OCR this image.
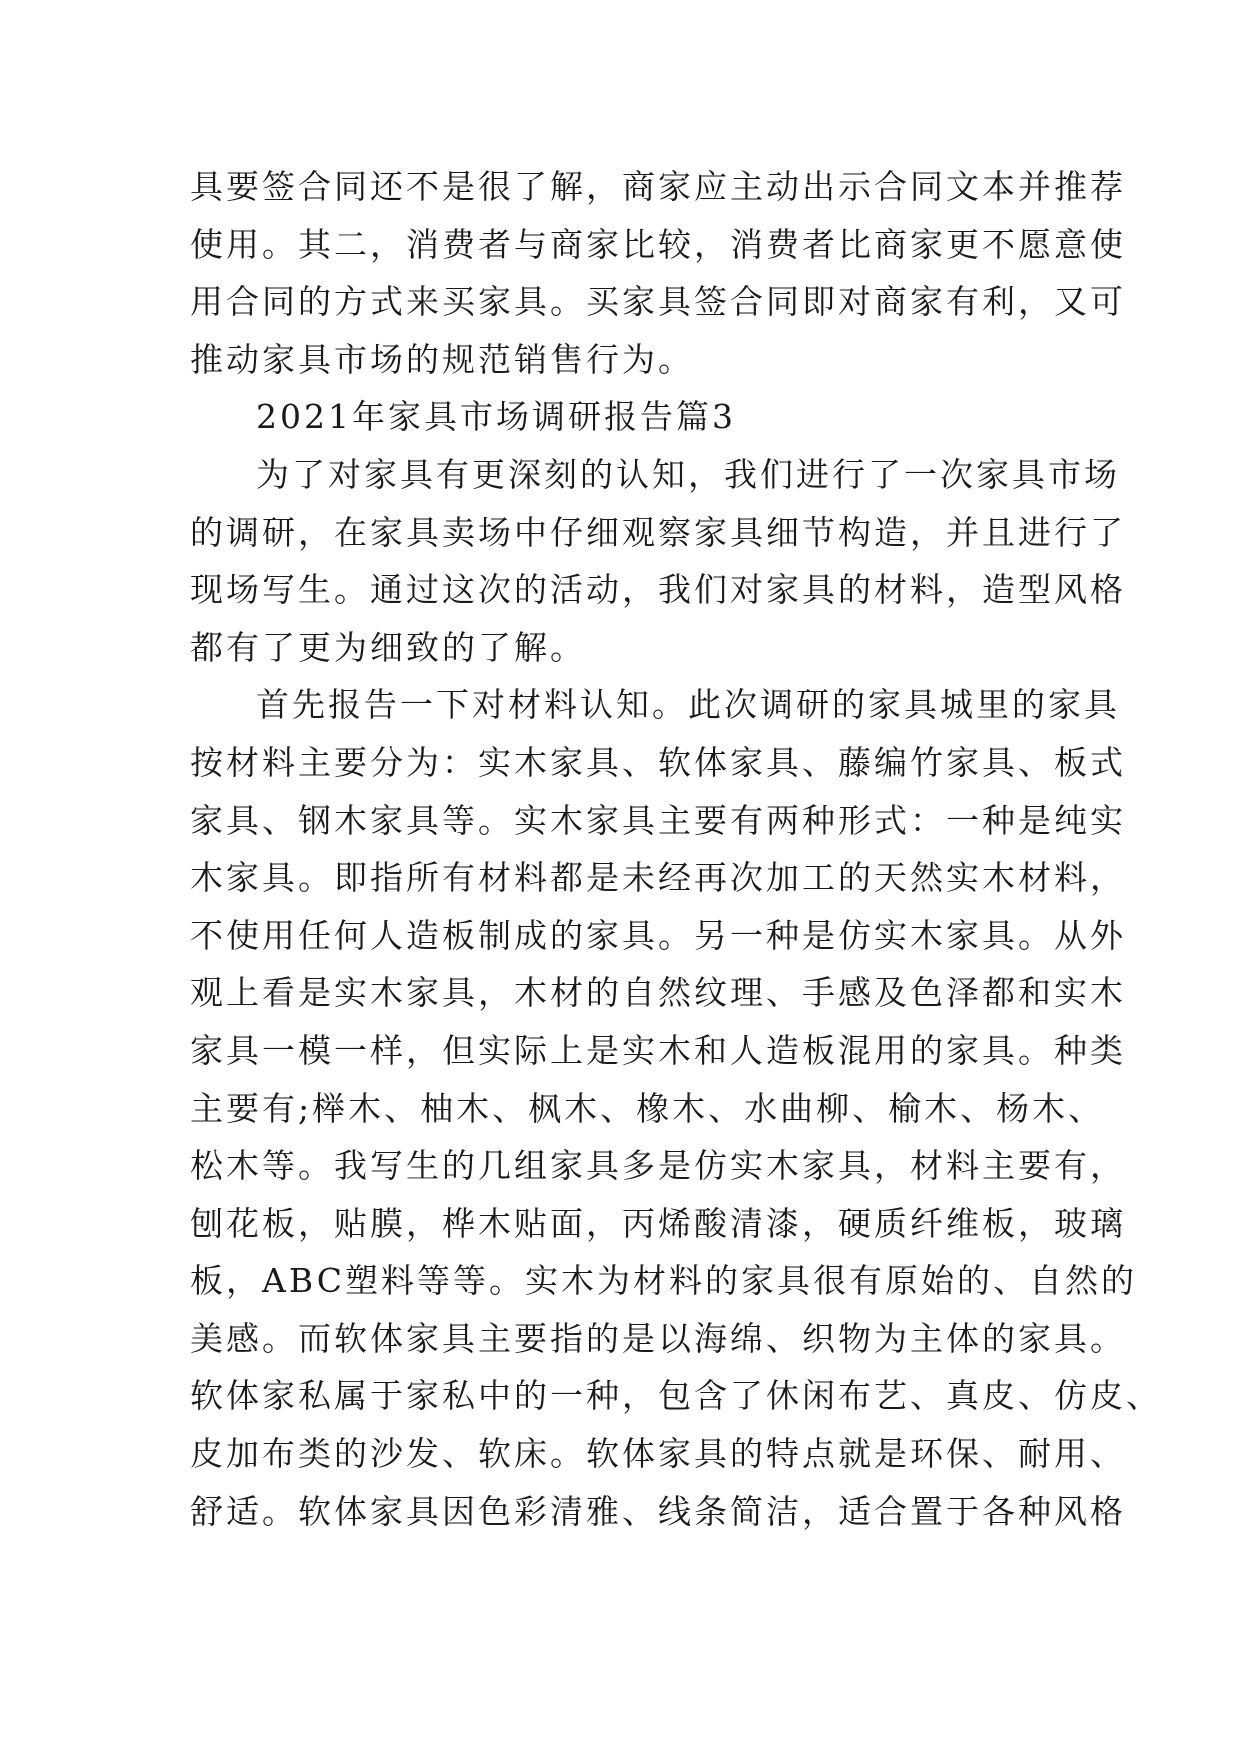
具要签合同还不是很了解，商家应主动出示合同文本并推荐
使用。其二，消费者与商家比较，消费者比商家更不愿意使
用合同的方式来买家具。买家具签合同即对商家有利，又可
推动家具市场的规范销售行为。
2021年家具市场调研报告篇3
为了对家具有更深刻的认知，我们进行了一次家具市场
的调研，在家具卖场中仔细观察家具细节构造，并且进行了
现场写生。通过这次的活动，我们对家具的材料，造型风格
都有了更为细致的了解。
首先报告一下对材料认知。此次调研的家具城里的家具
按材料主要分为：实木家具、软体家具、藤编竹家具、板式
家具、钢木家具等。实木家具主要有两种形式：一种是纯实
木家具。即指所有材料都是未经再次加工的天然实木材料，
不使用任何人造板制成的家具。另一种是仿实木家具。从外
观上看是实木家具，木材的自然纹理、手感及色泽都和实木
家具一模一样，但实际上是实木和人造板混用的家具。种类
主要有;榉木、柚木、枫木、橡木、水曲柳、榆木、杨木、
松木等。我写生的几组家具多是仿实木家具，材料主要有，
刨花板，贴膜，桦木贴面，丙烯酸清漆，硬质纤维板，玻璃
板，ABC塑料等等。实木为材料的家具很有原始的、自然的
美感。而软体家具主要指的是以海绵、织物为主体的家具。
软体家私属于家私中的一种，包含了休闲布艺、真皮、仿皮、
皮加布类的沙发、软床。软体家具的特点就是环保、耐用、
舒适。软体家具因色彩清雅、线条简洁，适合置于各种风格
